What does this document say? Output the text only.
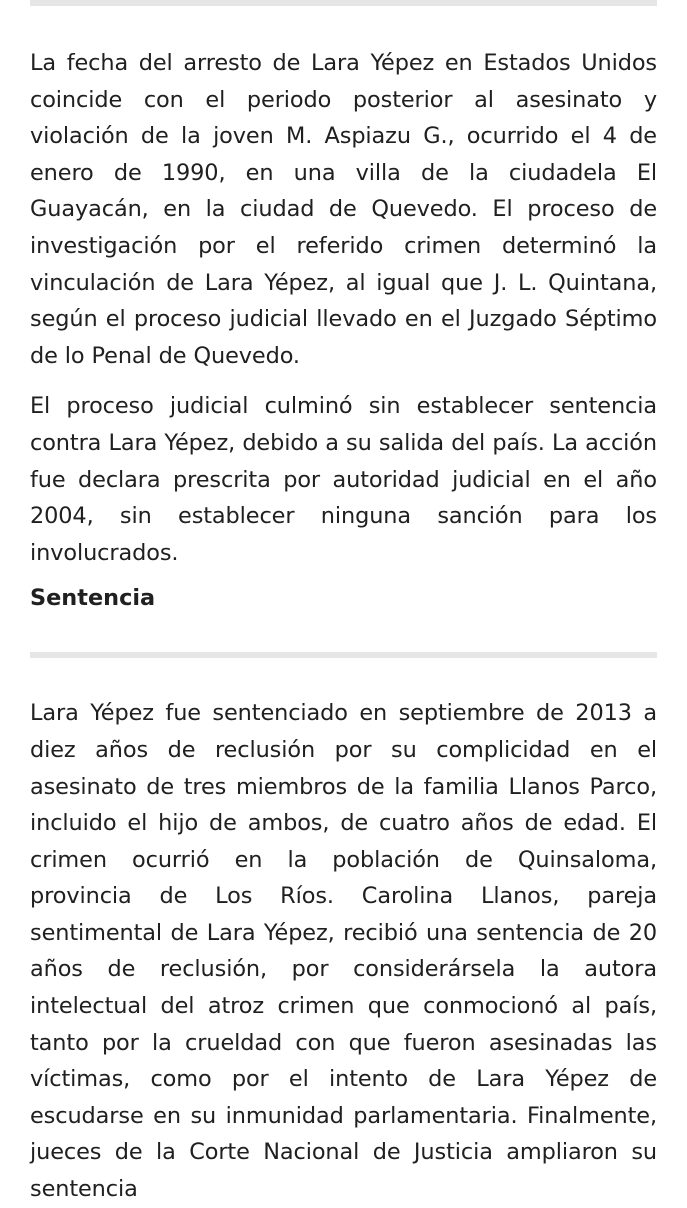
La fecha del arresto de Lara Yépez en Estados Unidos coincide con el periodo posterior al asesinato y violación de la joven M. Aspiazu G., ocurrido el 4 de enero de 1990, en una villa de la ciudadela El Guayacán, en la ciudad de Quevedo. El proceso de investigación por el referido crimen determinó la vinculación de Lara Yépez, al igual que J. L. Quintana, según el proceso judicial llevado en el Juzgado Séptimo de lo Penal de Quevedo.

El proceso judicial culminó sin establecer sentencia contra Lara Yépez, debido a su salida del país. La acción fue declara prescrita por autoridad judicial en el año 2004, sin establecer ninguna sanción para los involucrados.

Sentencia

Lara Yépez fue sentenciado en septiembre de 2013 a diez años de reclusión por su complicidad en el asesinato de tres miembros de la familia Llanos Parco, incluido el hijo de ambos, de cuatro años de edad. El crimen ocurrió en la población de Quinsaloma, provincia de Los Ríos. Carolina Llanos, pareja sentimental de Lara Yépez, recibió una sentencia de 20 años de reclusión, por considerársela la autora intelectual del atroz crimen que conmocionó al país, tanto por la crueldad con que fueron asesinadas las víctimas, como por el intento de Lara Yépez de escudarse en su inmunidad parlamentaria. Finalmente, jueces de la Corte Nacional de Justicia ampliaron su sentencia
